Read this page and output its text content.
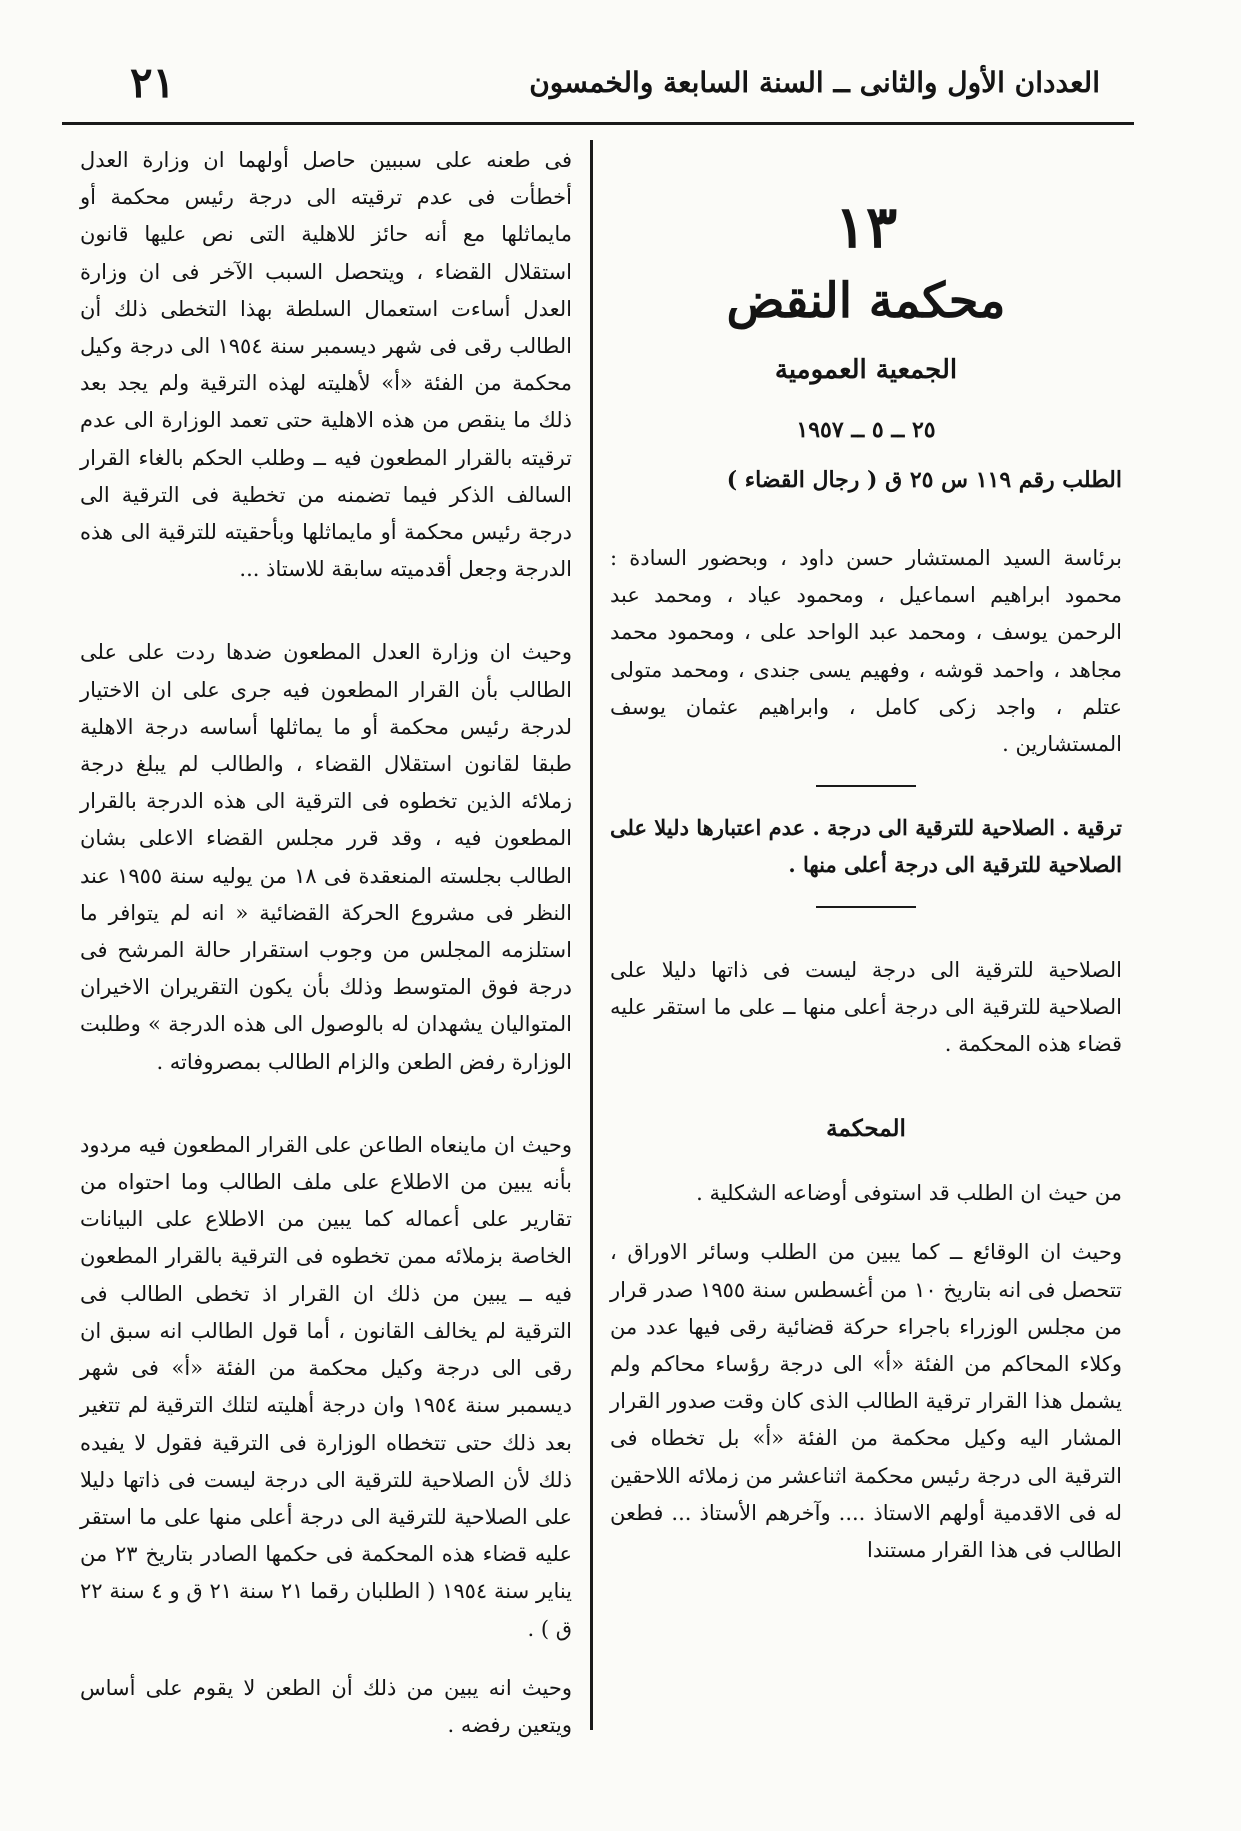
٢١	العددان الأول والثانى ــ السنة السابعة والخمسون
١٣
محكمة النقض
الجمعية العمومية
٢٥ ــ ٥ ــ ١٩٥٧
الطلب رقم ١١٩ س ٢٥ ق ( رجال القضاء )

برئاسة السيد المستشار حسن داود ، وبحضور السادة : محمود ابراهيم اسماعيل ، ومحمود عياد ، ومحمد عبد الرحمن يوسف ، ومحمد عبد الواحد على ، ومحمود محمد مجاهد ، واحمد قوشه ، وفهيم يسى جندى ، ومحمد متولى عتلم ، واجد زكى كامل ، وابراهيم عثمان يوسف المستشارين .

ترقية . الصلاحية للترقية الى درجة . عدم اعتبارها دليلا على الصلاحية للترقية الى درجة أعلى منها .

الصلاحية للترقية الى درجة ليست فى ذاتها دليلا على الصلاحية للترقية الى درجة أعلى منها ــ على ما استقر عليه قضاء هذه المحكمة .

المحكمة

من حيث ان الطلب قد استوفى أوضاعه الشكلية .

وحيث ان الوقائع ــ كما يبين من الطلب وسائر الاوراق ، تتحصل فى انه بتاريخ ١٠ من أغسطس سنة ١٩٥٥ صدر قرار من مجلس الوزراء باجراء حركة قضائية رقى فيها عدد من وكلاء المحاكم من الفئة «أ» الى درجة رؤساء محاكم ولم يشمل هذا القرار ترقية الطالب الذى كان وقت صدور القرار المشار اليه وكيل محكمة من الفئة «أ» بل تخطاه فى الترقية الى درجة رئيس محكمة اثناعشر من زملائه اللاحقين له فى الاقدمية أولهم الاستاذ .... وآخرهم الأستاذ ... فطعن الطالب فى هذا القرار مستندا

فى طعنه على سببين حاصل أولهما ان وزارة العدل أخطأت فى عدم ترقيته الى درجة رئيس محكمة أو مايماثلها مع أنه حائز للاهلية التى نص عليها قانون استقلال القضاء ، ويتحصل السبب الآخر فى ان وزارة العدل أساءت استعمال السلطة بهذا التخطى ذلك أن الطالب رقى فى شهر ديسمبر سنة ١٩٥٤ الى درجة وكيل محكمة من الفئة «أ» لأهليته لهذه الترقية ولم يجد بعد ذلك ما ينقص من هذه الاهلية حتى تعمد الوزارة الى عدم ترقيته بالقرار المطعون فيه ــ وطلب الحكم بالغاء القرار السالف الذكر فيما تضمنه من تخطية فى الترقية الى درجة رئيس محكمة أو مايماثلها وبأحقيته للترقية الى هذه الدرجة وجعل أقدميته سابقة للاستاذ ...

وحيث ان وزارة العدل المطعون ضدها ردت على على الطالب بأن القرار المطعون فيه جرى على ان الاختيار لدرجة رئيس محكمة أو ما يماثلها أساسه درجة الاهلية طبقا لقانون استقلال القضاء ، والطالب لم يبلغ درجة زملائه الذين تخطوه فى الترقية الى هذه الدرجة بالقرار المطعون فيه ، وقد قرر مجلس القضاء الاعلى بشان الطالب بجلسته المنعقدة فى ١٨ من يوليه سنة ١٩٥٥ عند النظر فى مشروع الحركة القضائية « انه لم يتوافر ما استلزمه المجلس من وجوب استقرار حالة المرشح فى درجة فوق المتوسط وذلك بأن يكون التقريران الاخيران المتواليان يشهدان له بالوصول الى هذه الدرجة » وطلبت الوزارة رفض الطعن والزام الطالب بمصروفاته .

وحيث ان ماينعاه الطاعن على القرار المطعون فيه مردود بأنه يبين من الاطلاع على ملف الطالب وما احتواه من تقارير على أعماله كما يبين من الاطلاع على البيانات الخاصة بزملائه ممن تخطوه فى الترقية بالقرار المطعون فيه ــ يبين من ذلك ان القرار اذ تخطى الطالب فى الترقية لم يخالف القانون ، أما قول الطالب انه سبق ان رقى الى درجة وكيل محكمة من الفئة «أ» فى شهر ديسمبر سنة ١٩٥٤ وان درجة أهليته لتلك الترقية لم تتغير بعد ذلك حتى تتخطاه الوزارة فى الترقية فقول لا يفيده ذلك لأن الصلاحية للترقية الى درجة ليست فى ذاتها دليلا على الصلاحية للترقية الى درجة أعلى منها على ما استقر عليه قضاء هذه المحكمة فى حكمها الصادر بتاريخ ٢٣ من يناير سنة ١٩٥٤ ( الطلبان رقما ٢١ سنة ٢١ ق و ٤ سنة ٢٢ ق ) .

وحيث انه يبين من ذلك أن الطعن لا يقوم على أساس ويتعين رفضه .
